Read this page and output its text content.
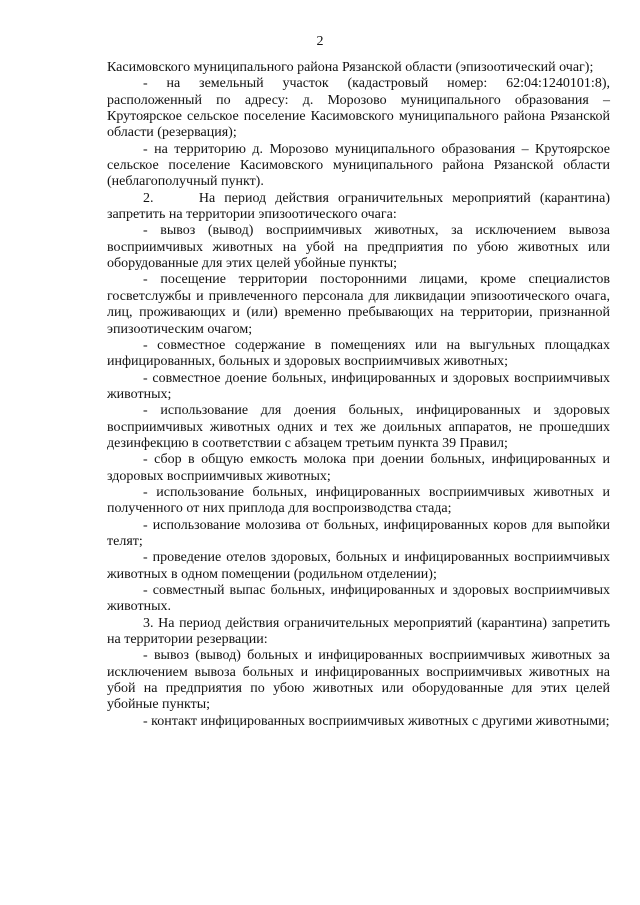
2

Касимовского муниципального района Рязанской области (эпизоотический очаг);

- на земельный участок (кадастровый номер: 62:04:1240101:8), расположенный по адресу: д. Морозово муниципального образования – Крутоярское сельское поселение Касимовского муниципального района Рязанской области (резервация);

- на территорию д. Морозово муниципального образования – Крутоярское сельское поселение Касимовского муниципального района Рязанской области (неблагополучный пункт).

2.     На период действия ограничительных мероприятий (карантина) запретить на территории эпизоотического очага:

- вывоз (вывод) восприимчивых животных, за исключением вывоза восприимчивых животных на убой на предприятия по убою животных или оборудованные для этих целей убойные пункты;

- посещение территории посторонними лицами, кроме специалистов госветслужбы и привлеченного персонала для ликвидации эпизоотического очага, лиц, проживающих и (или) временно пребывающих на территории, признанной эпизоотическим очагом;

- совместное содержание в помещениях или на выгульных площадках инфицированных, больных и здоровых восприимчивых животных;

- совместное доение больных, инфицированных и здоровых восприимчивых животных;

- использование для доения больных, инфицированных и здоровых восприимчивых животных одних и тех же доильных аппаратов, не прошедших дезинфекцию в соответствии с абзацем третьим пункта 39 Правил;

- сбор в общую емкость молока при доении больных, инфицированных и здоровых восприимчивых животных;

- использование больных, инфицированных восприимчивых животных и полученного от них приплода для воспроизводства стада;

- использование молозива от больных, инфицированных коров для выпойки телят;

- проведение отелов здоровых, больных и инфицированных восприимчивых животных в одном помещении (родильном отделении);

- совместный выпас больных, инфицированных и здоровых восприимчивых животных.

3. На период действия ограничительных мероприятий (карантина) запретить на территории резервации:

- вывоз (вывод) больных и инфицированных восприимчивых животных за исключением вывоза больных и инфицированных восприимчивых животных на убой на предприятия по убою животных или оборудованные для этих целей убойные пункты;

- контакт инфицированных восприимчивых животных с другими животными;
